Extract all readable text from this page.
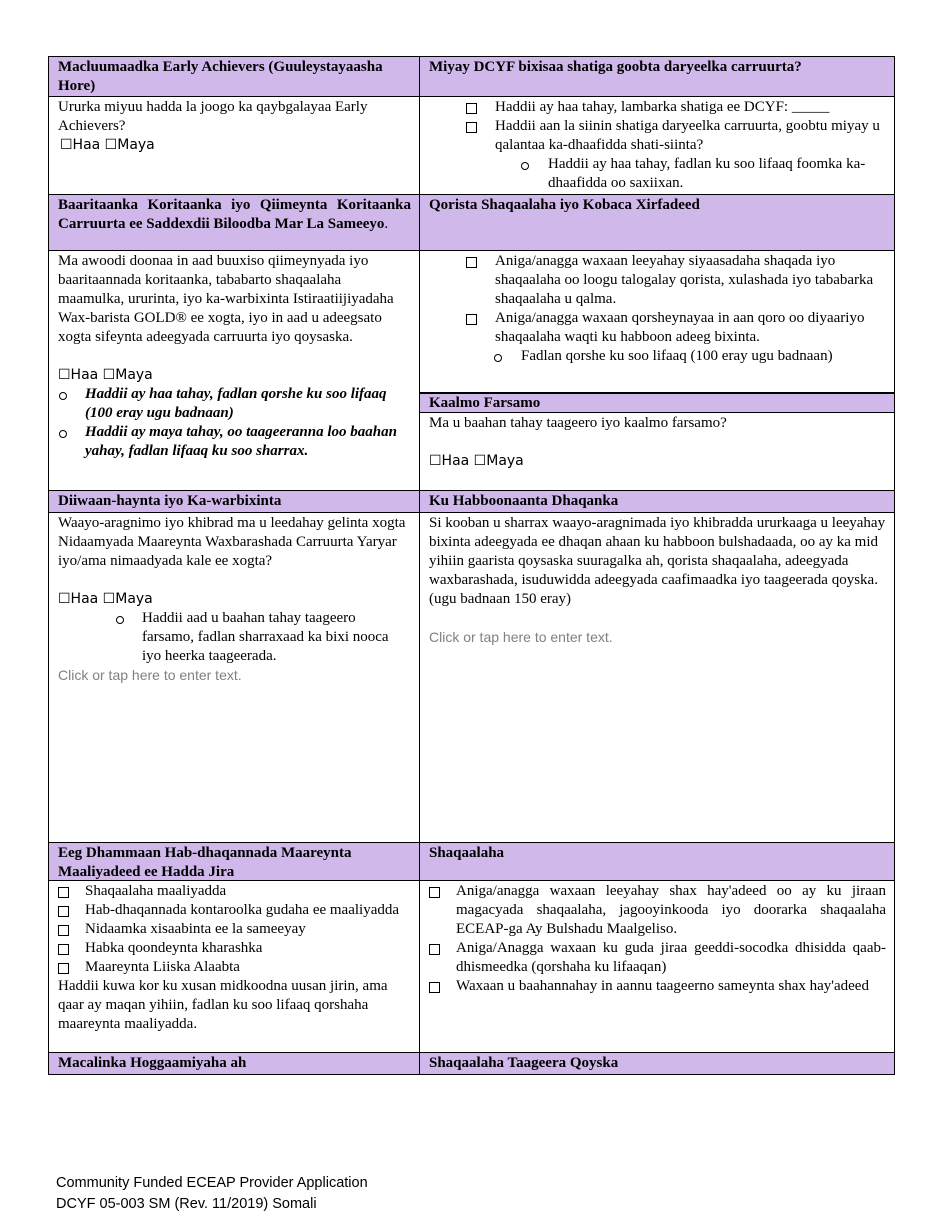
Macluumaadka Early Achievers (Guuleystayaasha Hore)
Miyay DCYF bixisaa shatiga goobta daryeelka carruurta?
Ururka miyuu hadda la joogo ka qaybgalayaa Early Achievers?
☐Haa ☐Maya
Haddii ay haa tahay, lambarka shatiga ee DCYF: _____
Haddii aan la siinin shatiga daryeelka carruurta, goobtu miyay u qalantaa ka-dhaafidda shati-siinta?
Haddii ay haa tahay, fadlan ku soo lifaaq foomka ka-dhaafidda oo saxiixan.
Baaritaanka Koritaanka iyo Qiimeynta Koritaanka Carruurta ee Saddexdii Biloodba Mar La Sameeyo.
Ma awoodi doonaa in aad buuxiso qiimeynyada iyo baaritaannada koritaanka, tababarto shaqaalaha maamulka, ururinta, iyo ka-warbixinta Istiraatiijiyadaha Wax-barista GOLD® ee xogta, iyo in aad u adeegsato xogta sifeynta adeegyada carruurta iyo qoysaska.
☐Haa ☐Maya
Haddii ay haa tahay, fadlan qorshe ku soo lifaaq (100 eray ugu badnaan)
Haddii ay maya tahay, oo taageeranna loo baahan yahay, fadlan lifaaq ku soo sharrax.
Qorista Shaqaalaha iyo Kobaca Xirfadeed
Aniga/anagga waxaan leeyahay siyaasadaha shaqada iyo shaqaalaha oo loogu talogalay qorista, xulashada iyo tababarka shaqaalaha u qalma.
Aniga/anagga waxaan qorsheynayaa in aan qoro oo diyaariyo shaqaalaha waqti ku habboon adeeg bixinta.
Fadlan qorshe ku soo lifaaq (100 eray ugu badnaan)
Kaalmo Farsamo
Ma u baahan tahay taageero iyo kaalmo farsamo?
☐Haa ☐Maya
Diiwaan-haynta iyo Ka-warbixinta	Ku Habboonaanta Dhaqanka
Waayo-aragnimo iyo khibrad ma u leedahay gelinta xogta Nidaamyada Maareynta Waxbarashada Carruurta Yaryar iyo/ama nimaadyada kale ee xogta?
☐Haa ☐Maya
Haddii aad u baahan tahay taageero farsamo, fadlan sharraxaad ka bixi nooca iyo heerka taageerada.
Click or tap here to enter text.
Si kooban u sharrax waayo-aragnimada iyo khibradda ururkaaga u leeyahay bixinta adeegyada ee dhaqan ahaan ku habboon bulshadaada, oo ay ka mid yihiin gaarista qoysaska suuragalka ah, qorista shaqaalaha, adeegyada waxbarashada, isuduwidda adeegyada caafimaadka iyo taageerada qoyska. (ugu badnaan 150 eray)
Click or tap here to enter text.
Eeg Dhammaan Hab-dhaqannada Maareynta Maaliyadeed ee Hadda Jira
Shaqaalaha
Shaqaalaha maaliyadda
Hab-dhaqannada kontaroolka gudaha ee maaliyadda
Nidaamka xisaabinta ee la sameeyay
Habka qoondeynta kharashka
Maareynta Liiska Alaabta
Haddii kuwa kor ku xusan midkoodna uusan jirin, ama qaar ay maqan yihiin, fadlan ku soo lifaaq qorshaha maareynta maaliyadda.
Aniga/anagga waxaan leeyahay shax hay'adeed oo ay ku jiraan magacyada shaqaalaha, jagooyinkooda iyo doorarka shaqaalaha ECEAP-ga Ay Bulshadu Maalgeliso.
Aniga/Anagga waxaan ku guda jiraa geeddi-socodka dhisidda qaab-dhismeedka (qorshaha ku lifaaqan)
Waxaan u baahannahay in aannu taageerno sameynta shax hay'adeed
Macalinka Hoggaamiyaha ah	Shaqaalaha Taageera Qoyska
Community Funded ECEAP Provider Application
DCYF 05-003 SM (Rev. 11/2019) Somali
